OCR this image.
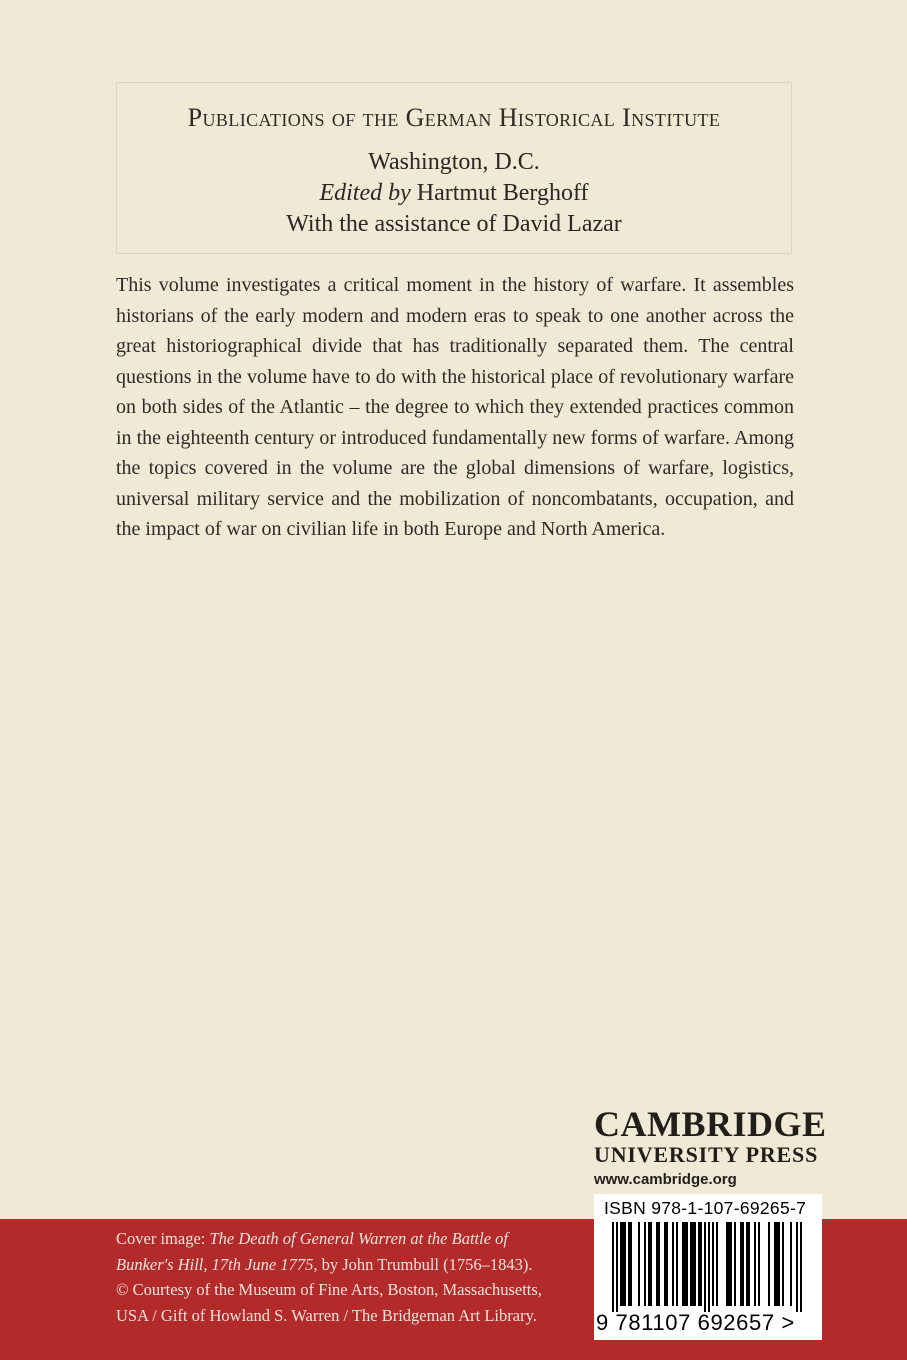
Publications of the German Historical Institute
Washington, D.C.
Edited by Hartmut Berghoff
With the assistance of David Lazar
This volume investigates a critical moment in the history of warfare. It assembles historians of the early modern and modern eras to speak to one another across the great historiographical divide that has traditionally separated them. The central questions in the volume have to do with the historical place of revolutionary warfare on both sides of the Atlantic – the degree to which they extended practices common in the eighteenth century or introduced fundamentally new forms of warfare. Among the topics covered in the volume are the global dimensions of warfare, logistics, universal military service and the mobilization of noncombatants, occupation, and the impact of war on civilian life in both Europe and North America.
CAMBRIDGE
UNIVERSITY PRESS
www.cambridge.org
Cover image: The Death of General Warren at the Battle of Bunker's Hill, 17th June 1775, by John Trumbull (1756–1843). © Courtesy of the Museum of Fine Arts, Boston, Massachusetts, USA / Gift of Howland S. Warren / The Bridgeman Art Library.
ISBN 978-1-107-69265-7
9 781107 692657 >
